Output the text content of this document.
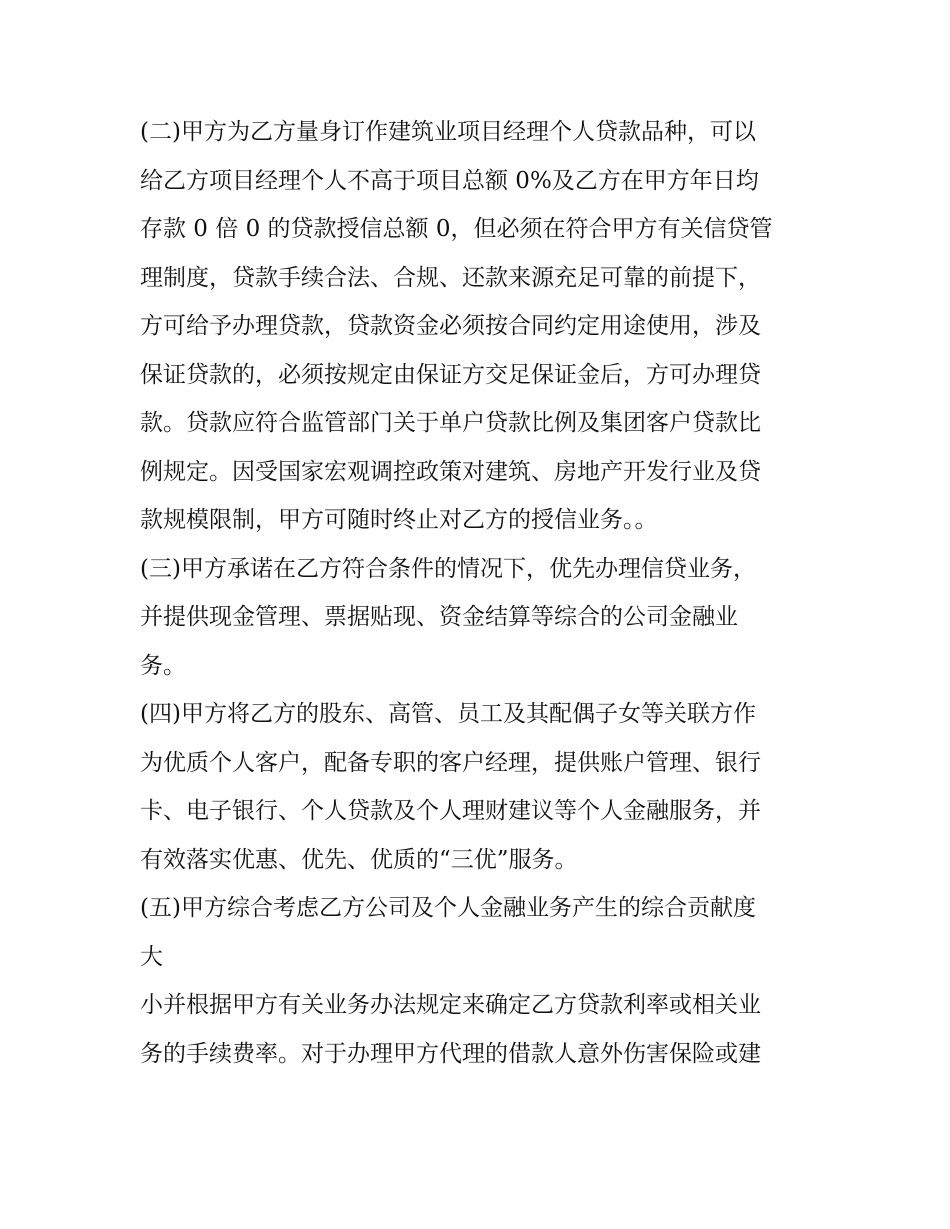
(二)甲方为乙方量身订作建筑业项目经理个人贷款品种，可以
给乙方项目经理个人不高于项目总额 0%及乙方在甲方年日均
存款 0 倍 0 的贷款授信总额 0，但必须在符合甲方有关信贷管
理制度，贷款手续合法、合规、还款来源充足可靠的前提下，
方可给予办理贷款，贷款资金必须按合同约定用途使用，涉及
保证贷款的，必须按规定由保证方交足保证金后，方可办理贷
款。贷款应符合监管部门关于单户贷款比例及集团客户贷款比
例规定。因受国家宏观调控政策对建筑、房地产开发行业及贷
款规模限制，甲方可随时终止对乙方的授信业务。。
(三)甲方承诺在乙方符合条件的情况下，优先办理信贷业务，
并提供现金管理、票据贴现、资金结算等综合的公司金融业
务。
(四)甲方将乙方的股东、高管、员工及其配偶子女等关联方作
为优质个人客户，配备专职的客户经理，提供账户管理、银行
卡、电子银行、个人贷款及个人理财建议等个人金融服务，并
有效落实优惠、优先、优质的“三优”服务。
(五)甲方综合考虑乙方公司及个人金融业务产生的综合贡献度
大
小并根据甲方有关业务办法规定来确定乙方贷款利率或相关业
务的手续费率。对于办理甲方代理的借款人意外伤害保险或建
